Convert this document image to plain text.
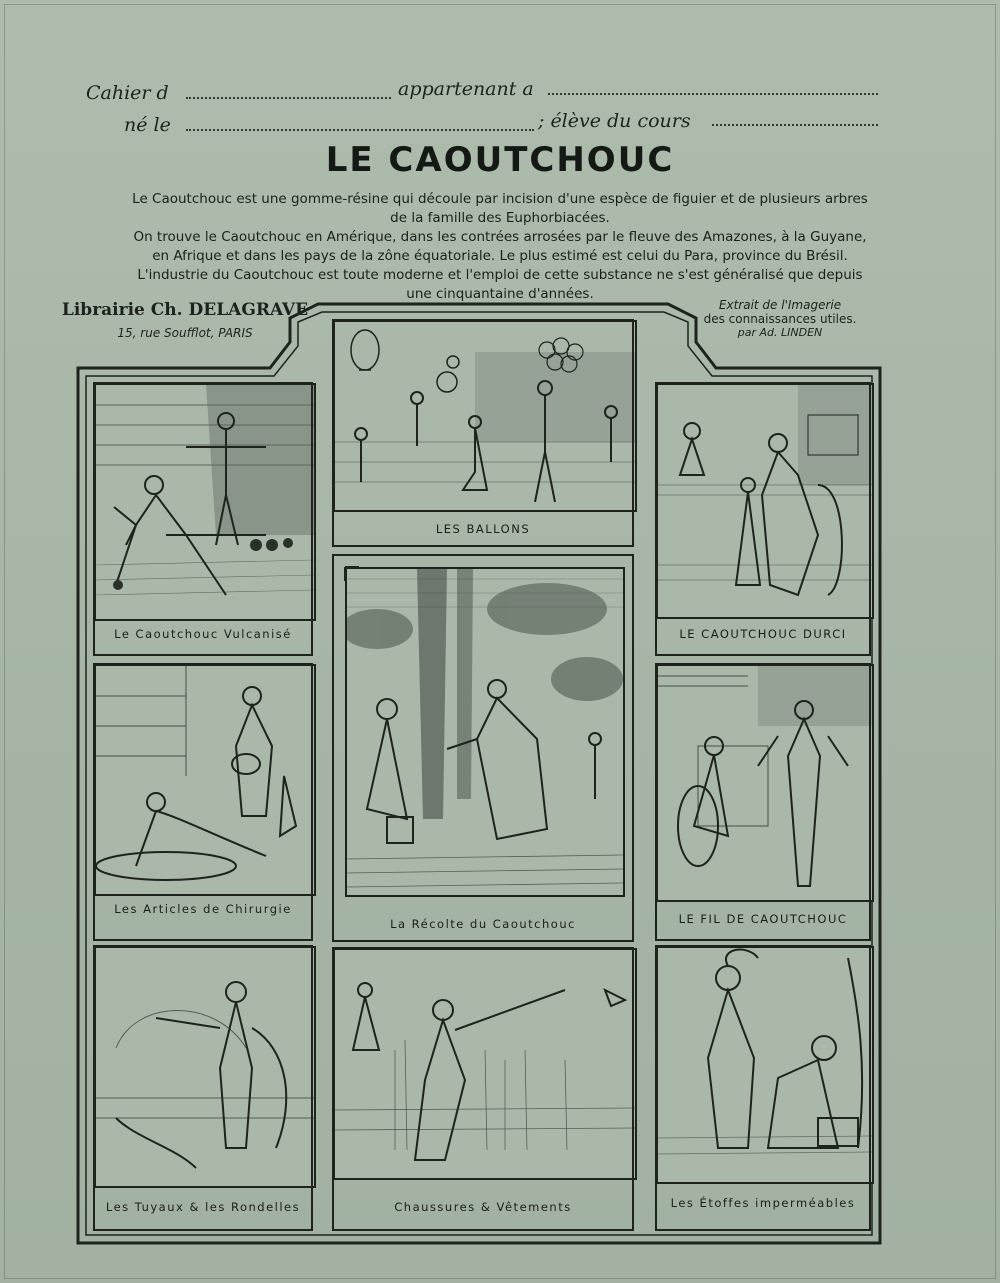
Cahier d	appartenant a
né le	; élève du cours
LE CAOUTCHOUC
Le Caoutchouc est une gomme-résine qui découle par incision d'une espèce de figuier et de plusieurs arbres
de la famille des Euphorbiacées.
On trouve le Caoutchouc en Amérique, dans les contrées arrosées par le fleuve des Amazones, à la Guyane,
en Afrique et dans les pays de la zône équatoriale. Le plus estimé est celui du Para, province du Brésil.
L'industrie du Caoutchouc est toute moderne et l'emploi de cette substance ne s'est généralisé que depuis
une cinquantaine d'années.
Librairie Ch. DELAGRAVE
15, rue Soufflot, PARIS
Extrait de l'Imagerie
des connaissances utiles.
par Ad. LINDEN
Le Caoutchouc Vulcanisé
LES BALLONS
LE CAOUTCHOUC DURCI
Les Articles de Chirurgie
La Récolte du Caoutchouc	LE FIL DE CAOUTCHOUC
Les Tuyaux & les Rondelles	Chaussures & Vêtements	Les Étoffes imperméables
